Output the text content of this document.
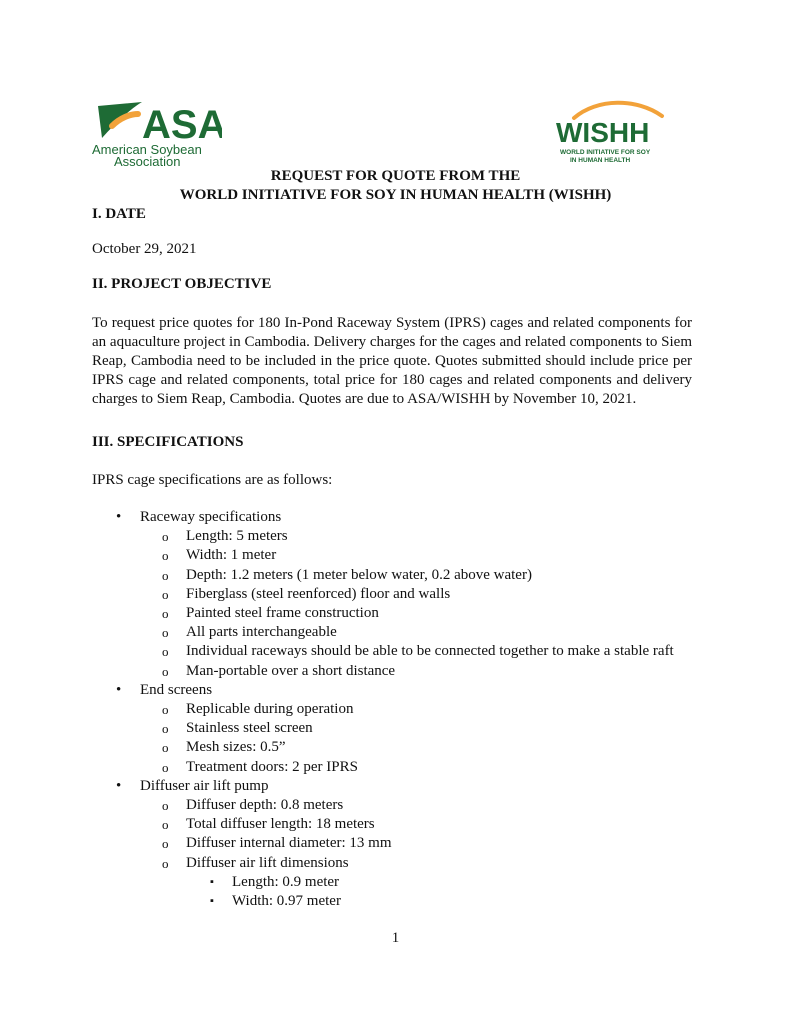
ASA
American Soybean
Association
WISHH
WORLD INITIATIVE FOR SOY
IN HUMAN HEALTH
REQUEST FOR QUOTE FROM THE
WORLD INITIATIVE FOR SOY IN HUMAN HEALTH (WISHH)
I. DATE
October 29, 2021
II. PROJECT OBJECTIVE
To request price quotes for 180 In-Pond Raceway System (IPRS) cages and related components for an aquaculture project in Cambodia. Delivery charges for the cages and related components to Siem Reap, Cambodia need to be included in the price quote. Quotes submitted should include price per IPRS cage and related components, total price for 180 cages and related components and delivery charges to Siem Reap, Cambodia. Quotes are due to ASA/WISHH by November 10, 2021.
III. SPECIFICATIONS
IPRS cage specifications are as follows:
• Raceway specifications
o Length: 5 meters
o Width: 1 meter
o Depth: 1.2 meters (1 meter below water, 0.2 above water)
o Fiberglass (steel reenforced) floor and walls
o Painted steel frame construction
o All parts interchangeable
o Individual raceways should be able to be connected together to make a stable raft
o Man-portable over a short distance
• End screens
o Replicable during operation
o Stainless steel screen
o Mesh sizes: 0.5”
o Treatment doors: 2 per IPRS
• Diffuser air lift pump
o Diffuser depth: 0.8 meters
o Total diffuser length: 18 meters
o Diffuser internal diameter: 13 mm
o Diffuser air lift dimensions
▪ Length: 0.9 meter
▪ Width: 0.97 meter
1
